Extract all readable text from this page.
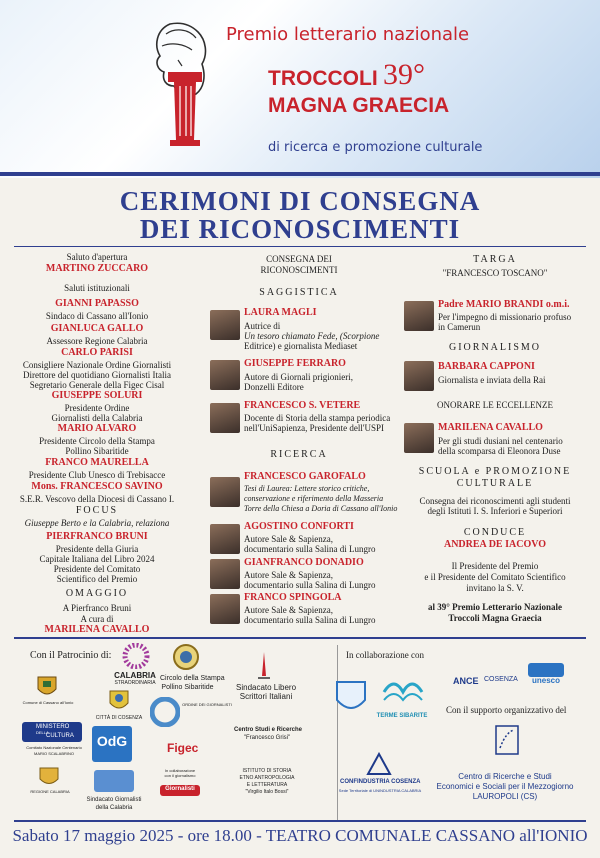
Premio letterario nazionale
TROCCOLI 39°
MAGNA GRAECIA
di ricerca e promozione culturale
CERIMONI DI CONSEGNA
DEI RICONOSCIMENTI
Saluto d'apertura
MARTINO ZUCCARO
Saluti istituzionali
GIANNI PAPASSO
Sindaco di Cassano all'Ionio
GIANLUCA GALLO
Assessore Regione Calabria
CARLO PARISI
Consigliere Nazionale Ordine Giornalisti
Direttore del quotidiano Giornalisti Italia
Segretario Generale della Figec Cisal
GIUSEPPE SOLURI
Presidente Ordine
Giornalisti della Calabria
MARIO ALVARO
Presidente Circolo della Stampa
Pollino Sibaritide
FRANCO MAURELLA
Presidente Club Unesco di Trebisacce
Mons. FRANCESCO SAVINO
S.E.R. Vescovo della Diocesi di Cassano I.
FOCUS
Giuseppe Berto e la Calabria, relaziona
PIERFRANCO BRUNI
Presidente della Giuria
Capitale Italiana del Libro 2024
Presidente del Comitato
Scientifico del Premio
OMAGGIO
A Pierfranco Bruni
A cura di
MARILENA CAVALLO
CONSEGNA DEI
RICONOSCIMENTI
SAGGISTICA
LAURA MAGLI
Autrice di
Un tesoro chiamato Fede, (Scorpione
Editrice) e giornalista Mediaset
GIUSEPPE FERRARO
Autore di Giornali prigionieri,
Donzelli Editore
FRANCESCO S. VETERE
Docente di Storia della stampa periodica
nell'UniSapienza, Presidente dell'USPI
RICERCA
FRANCESCO GAROFALO
Tesi di Laurea: Lettere storico critiche,
conservazione e riferimento della Masseria
Torre della Chiesa a Doria di Cassano all'Ionio
AGOSTINO CONFORTI
Autore Sale & Sapienza,
documentario sulla Salina di Lungro
GIANFRANCO DONADIO
Autore Sale & Sapienza,
documentario sulla Salina di Lungro
FRANCO SPINGOLA
Autore Sale & Sapienza,
documentario sulla Salina di Lungro
TARGA
"FRANCESCO TOSCANO"
Padre MARIO BRANDI o.m.i.
Per l'impegno di missionario profuso
in Camerun
GIORNALISMO
BARBARA CAPPONI
Giornalista e inviata della Rai
ONORARE LE ECCELLENZE
MARILENA CAVALLO
Per gli studi dusiani nel centenario
della scomparsa di Eleonora Duse
SCUOLA e PROMOZIONE
CULTURALE
Consegna dei riconoscimenti agli studenti
degli Istituti I. S. Inferiori e Superiori
CONDUCE
ANDREA DE IACOVO
Il Presidente del Premio
e il Presidente del Comitato Scientifico
invitano la S. V.
al 39° Premio Letterario Nazionale
Troccoli Magna Graecia
Con il Patrocinio di:
CALABRIA
STRAORDINARIA
Circolo della Stampa
Pollino Sibaritide	Sindacato Libero
Scrittori Italiani
Comune di Cassano all'Ionio
CITTÀ DI COSENZA
ORDINE DEI GIORNALISTI
MINISTERO
DELLA
CULTURA
Comitato Nazionale Centenario
MARIO SCALABRINO
OdG	Figec
Centro Studi e Ricerche
"Francesco Grisi"
REGIONE CALABRIA
Sindacato Giornalisti
della Calabria
In collaborazione
con il giornalismo
Giornalisti
ISTITUTO DI STORIA
ETNO ANTROPOLOGIA
E LETTERATURA
"Virgilio Italo Bossi"
In collaborazione con
TERME SIBARITE
CONFINDUSTRIA COSENZA
Sede Territoriale di UNINDUSTRIA CALABRIA
ANCE COSENZA unesco
Con il supporto organizzativo del
Centro di Ricerche e Studi
Economici e Sociali per il Mezzogiorno
LAUROPOLI (CS)
Sabato 17 maggio 2025 - ore 18.00 - TEATRO COMUNALE CASSANO all'IONIO
